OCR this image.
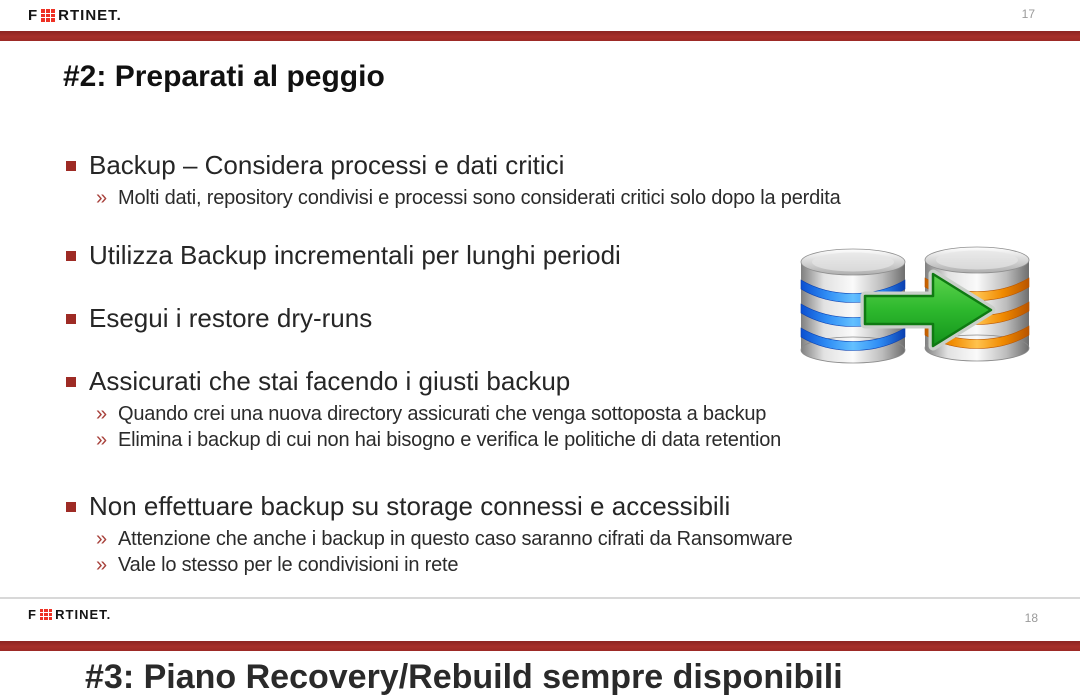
F RTINET.	17
#2: Preparati al peggio
Backup – Considera processi e dati critici
» Molti dati, repository condivisi e processi sono considerati critici solo dopo la perdita
Utilizza Backup incrementali per lunghi periodi
Esegui i restore dry-runs
Assicurati che stai facendo i giusti backup
» Quando crei una nuova directory assicurati che venga sottoposta a backup
» Elimina i backup di cui non hai bisogno e verifica le politiche di data retention
Non effettuare backup su storage connessi e accessibili
» Attenzione che anche i backup in questo caso saranno cifrati da Ransomware
» Vale lo stesso per le condivisioni in rete
F RTINET.	18
#3: Piano Recovery/Rebuild sempre disponibili
